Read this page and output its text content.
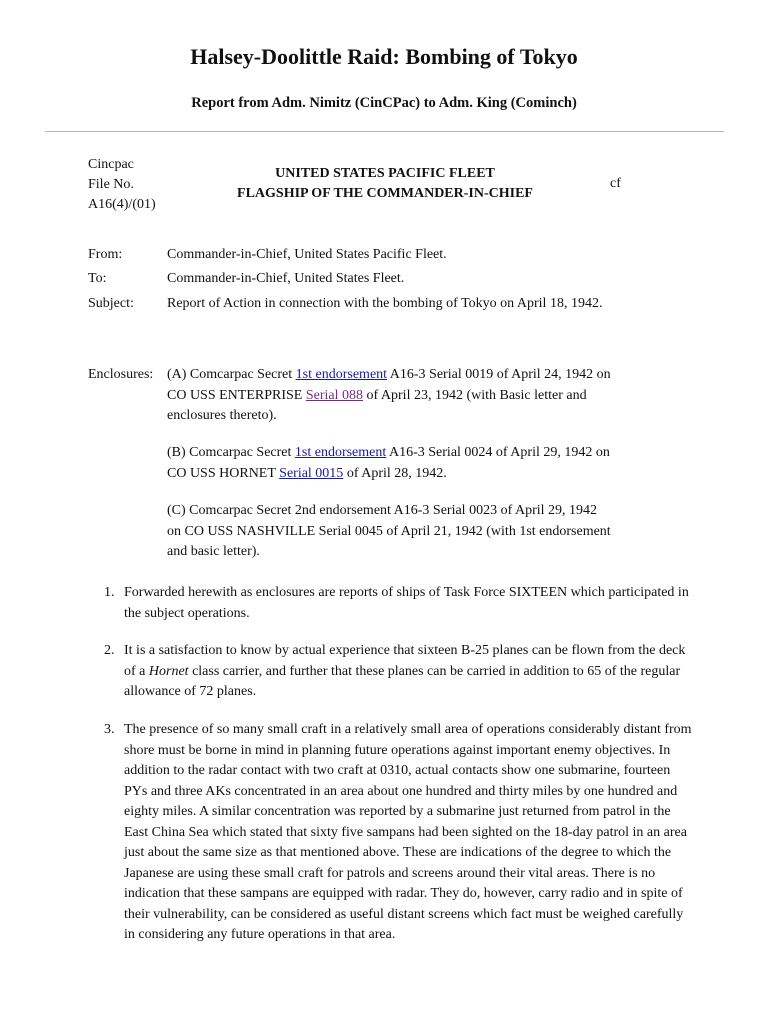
Halsey-Doolittle Raid: Bombing of Tokyo
Report from Adm. Nimitz (CinCPac) to Adm. King (Cominch)
Cincpac
File No.
A16(4)/(01)
UNITED STATES PACIFIC FLEET
FLAGSHIP OF THE COMMANDER-IN-CHIEF
cf
From:	Commander-in-Chief, United States Pacific Fleet.
To:	Commander-in-Chief, United States Fleet.
Subject:	Report of Action in connection with the bombing of Tokyo on April 18, 1942.
Enclosures: (A) Comcarpac Secret 1st endorsement A16-3 Serial 0019 of April 24, 1942 on CO USS ENTERPRISE Serial 088 of April 23, 1942 (with Basic letter and enclosures thereto).
(B) Comcarpac Secret 1st endorsement A16-3 Serial 0024 of April 29, 1942 on CO USS HORNET Serial 0015 of April 28, 1942.
(C) Comcarpac Secret 2nd endorsement A16-3 Serial 0023 of April 29, 1942 on CO USS NASHVILLE Serial 0045 of April 21, 1942 (with 1st endorsement and basic letter).
1. Forwarded herewith as enclosures are reports of ships of Task Force SIXTEEN which participated in the subject operations.
2. It is a satisfaction to know by actual experience that sixteen B-25 planes can be flown from the deck of a Hornet class carrier, and further that these planes can be carried in addition to 65 of the regular allowance of 72 planes.
3. The presence of so many small craft in a relatively small area of operations considerably distant from shore must be borne in mind in planning future operations against important enemy objectives. In addition to the radar contact with two craft at 0310, actual contacts show one submarine, fourteen PYs and three AKs concentrated in an area about one hundred and thirty miles by one hundred and eighty miles. A similar concentration was reported by a submarine just returned from patrol in the East China Sea which stated that sixty five sampans had been sighted on the 18-day patrol in an area just about the same size as that mentioned above. These are indications of the degree to which the Japanese are using these small craft for patrols and screens around their vital areas. There is no indication that these sampans are equipped with radar. They do, however, carry radio and in spite of their vulnerability, can be considered as useful distant screens which fact must be weighed carefully in considering any future operations in that area.
